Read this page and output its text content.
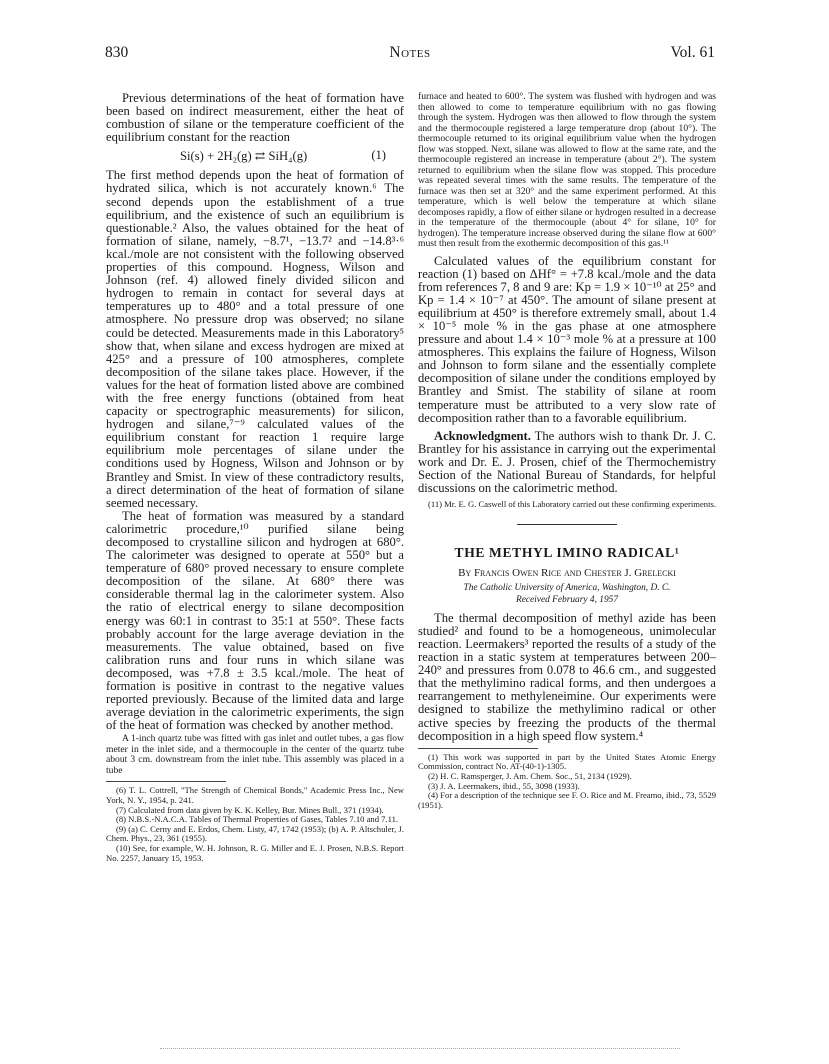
830	Notes	Vol. 61

Previous determinations of the heat of formation have been based on indirect measurement, either the heat of combustion of silane or the temperature coefficient of the equilibrium constant for the reaction

Si(s) + 2H₂(g) ⇄ SiH₄(g)	(1)

The first method depends upon the heat of formation of hydrated silica, which is not accurately known.⁶ The second depends upon the establishment of a true equilibrium, and the existence of such an equilibrium is questionable.² Also, the values obtained for the heat of formation of silane, namely, −8.7¹, −13.7² and −14.8³·⁶ kcal./mole are not consistent with the following observed properties of this compound. Hogness, Wilson and Johnson (ref. 4) allowed finely divided silicon and hydrogen to remain in contact for several days at temperatures up to 480° and a total pressure of one atmosphere. No pressure drop was observed; no silane could be detected. Measurements made in this Laboratory⁵ show that, when silane and excess hydrogen are mixed at 425° and a pressure of 100 atmospheres, complete decomposition of the silane takes place. However, if the values for the heat of formation listed above are combined with the free energy functions (obtained from heat capacity or spectrographic measurements) for silicon, hydrogen and silane,⁷⁻⁹ calculated values of the equilibrium constant for reaction 1 require large equilibrium mole percentages of silane under the conditions used by Hogness, Wilson and Johnson or by Brantley and Smist. In view of these contradictory results, a direct determination of the heat of formation of silane seemed necessary.

The heat of formation was measured by a standard calorimetric procedure,¹⁰ purified silane being decomposed to crystalline silicon and hydrogen at 680°. The calorimeter was designed to operate at 550° but a temperature of 680° proved necessary to ensure complete decomposition of the silane. At 680° there was considerable thermal lag in the calorimeter system. Also the ratio of electrical energy to silane decomposition energy was 60:1 in contrast to 35:1 at 550°. These facts probably account for the large average deviation in the measurements. The value obtained, based on five calibration runs and four runs in which silane was decomposed, was +7.8 ± 3.5 kcal./mole. The heat of formation is positive in contrast to the negative values reported previously. Because of the limited data and large average deviation in the calorimetric experiments, the sign of the heat of formation was checked by another method.

A 1-inch quartz tube was fitted with gas inlet and outlet tubes, a gas flow meter in the inlet side, and a thermocouple in the center of the quartz tube about 3 cm. downstream from the inlet tube. This assembly was placed in a tube

(6) T. L. Cottrell, "The Strength of Chemical Bonds," Academic Press Inc., New York, N. Y., 1954, p. 241.

(7) Calculated from data given by K. K. Kelley, Bur. Mines Bull., 371 (1934).

(8) N.B.S.-N.A.C.A. Tables of Thermal Properties of Gases, Tables 7.10 and 7.11.

(9) (a) C. Cerny and E. Erdos, Chem. Listy, 47, 1742 (1953); (b) A. P. Altschuler, J. Chem. Phys., 23, 361 (1955).

(10) See, for example, W. H. Johnson, R. G. Miller and E. J. Prosen, N.B.S. Report No. 2257, January 15, 1953.

furnace and heated to 600°. The system was flushed with hydrogen and was then allowed to come to temperature equilibrium with no gas flowing through the system. Hydrogen was then allowed to flow through the system and the thermocouple registered a large temperature drop (about 10°). The thermocouple returned to its original equilibrium value when the hydrogen flow was stopped. Next, silane was allowed to flow at the same rate, and the thermocouple registered an increase in temperature (about 2°). The system returned to equilibrium when the silane flow was stopped. This procedure was repeated several times with the same results. The temperature of the furnace was then set at 320° and the same experiment performed. At this temperature, which is well below the temperature at which silane decomposes rapidly, a flow of either silane or hydrogen resulted in a decrease in the temperature of the thermocouple (about 4° for silane, 10° for hydrogen). The temperature increase observed during the silane flow at 600° must then result from the exothermic decomposition of this gas.¹¹

Calculated values of the equilibrium constant for reaction (1) based on ΔHf° = +7.8 kcal./mole and the data from references 7, 8 and 9 are: Kp = 1.9 × 10⁻¹⁰ at 25° and Kp = 1.4 × 10⁻⁷ at 450°. The amount of silane present at equilibrium at 450° is therefore extremely small, about 1.4 × 10⁻⁵ mole % in the gas phase at one atmosphere pressure and about 1.4 × 10⁻³ mole % at a pressure at 100 atmospheres. This explains the failure of Hogness, Wilson and Johnson to form silane and the essentially complete decomposition of silane under the conditions employed by Brantley and Smist. The stability of silane at room temperature must be attributed to a very slow rate of decomposition rather than to a favorable equilibrium.

Acknowledgment. The authors wish to thank Dr. J. C. Brantley for his assistance in carrying out the experimental work and Dr. E. J. Prosen, chief of the Thermochemistry Section of the National Bureau of Standards, for helpful discussions on the calorimetric method.

(11) Mr. E. G. Caswell of this Laboratory carried out these confirming experiments.

THE METHYL IMINO RADICAL¹

By Francis Owen Rice and Chester J. Grelecki

The Catholic University of America, Washington, D. C.

Received February 4, 1957

The thermal decomposition of methyl azide has been studied² and found to be a homogeneous, unimolecular reaction. Leermakers³ reported the results of a study of the reaction in a static system at temperatures between 200–240° and pressures from 0.078 to 46.6 cm., and suggested that the methylimino radical forms, and then undergoes a rearrangement to methyleneimine. Our experiments were designed to stabilize the methylimino radical or other active species by freezing the products of the thermal decomposition in a high speed flow system.⁴

(1) This work was supported in part by the United States Atomic Energy Commission, contract No. AT-(40-1)-1305.

(2) H. C. Ramsperger, J. Am. Chem. Soc., 51, 2134 (1929).

(3) J. A. Leermakers, ibid., 55, 3098 (1933).

(4) For a description of the technique see F. O. Rice and M. Freamo, ibid., 73, 5529 (1951).
